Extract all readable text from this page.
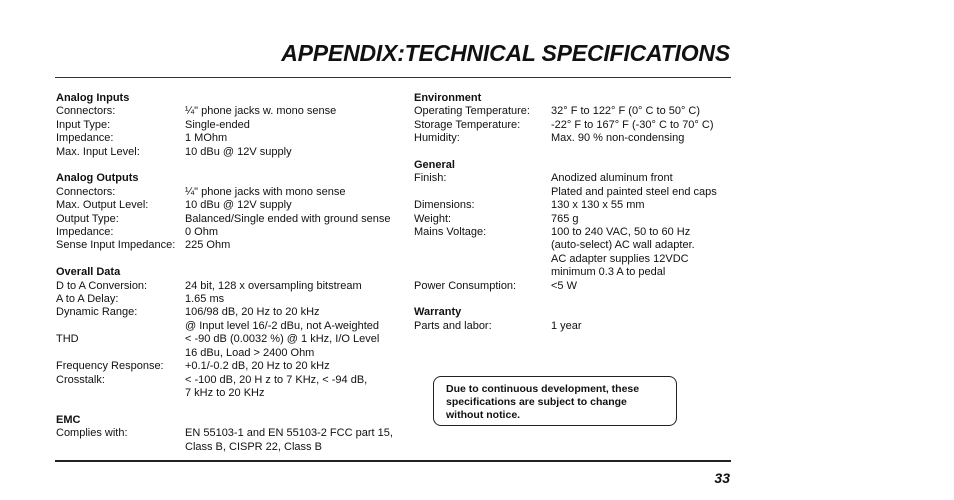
APPENDIX:TECHNICAL SPECIFICATIONS
Analog Inputs
Connectors:	¼" phone jacks w. mono sense
Input Type:	Single-ended
Impedance:	1 MOhm
Max. Input Level:	10 dBu @ 12V supply
Analog Outputs
Connectors:	¼" phone jacks with mono sense
Max. Output Level:	10 dBu @ 12V supply
Output Type:	Balanced/Single ended with ground sense
Impedance:	0 Ohm
Sense Input Impedance: 225 Ohm
Overall Data
D to A Conversion:	24 bit, 128 x oversampling bitstream
A to A Delay:	1.65 ms
Dynamic Range:	106/98 dB, 20 Hz to 20 kHz
@ Input level 16/-2 dBu, not A-weighted
THD	< -90 dB (0.0032 %) @ 1 kHz, I/O Level
16 dBu, Load > 2400 Ohm
Frequency Response:	+0.1/-0.2 dB, 20 Hz to 20 kHz
Crosstalk:	< -100 dB, 20 H z to 7 KHz, < -94 dB,
7 kHz to 20 KHz
EMC
Complies with:	EN 55103-1 and EN 55103-2 FCC part 15,
Class B, CISPR 22, Class B
Environment
Operating Temperature:	32° F to 122° F (0° C to 50° C)
Storage Temperature:	-22° F to 167° F (-30° C to 70° C)
Humidity:	Max. 90 % non-condensing
General
Finish:	Anodized aluminum front
Plated and painted steel end caps
Dimensions:	130 x 130 x 55 mm
Weight:	765 g
Mains Voltage:	100 to 240 VAC, 50 to 60 Hz
(auto-select) AC wall adapter.
AC adapter supplies 12VDC
minimum 0.3 A to pedal
Power Consumption:	<5 W
Warranty
Parts and labor:	1 year
Due to continuous development, these
specifications are subject to change
without notice.
33
